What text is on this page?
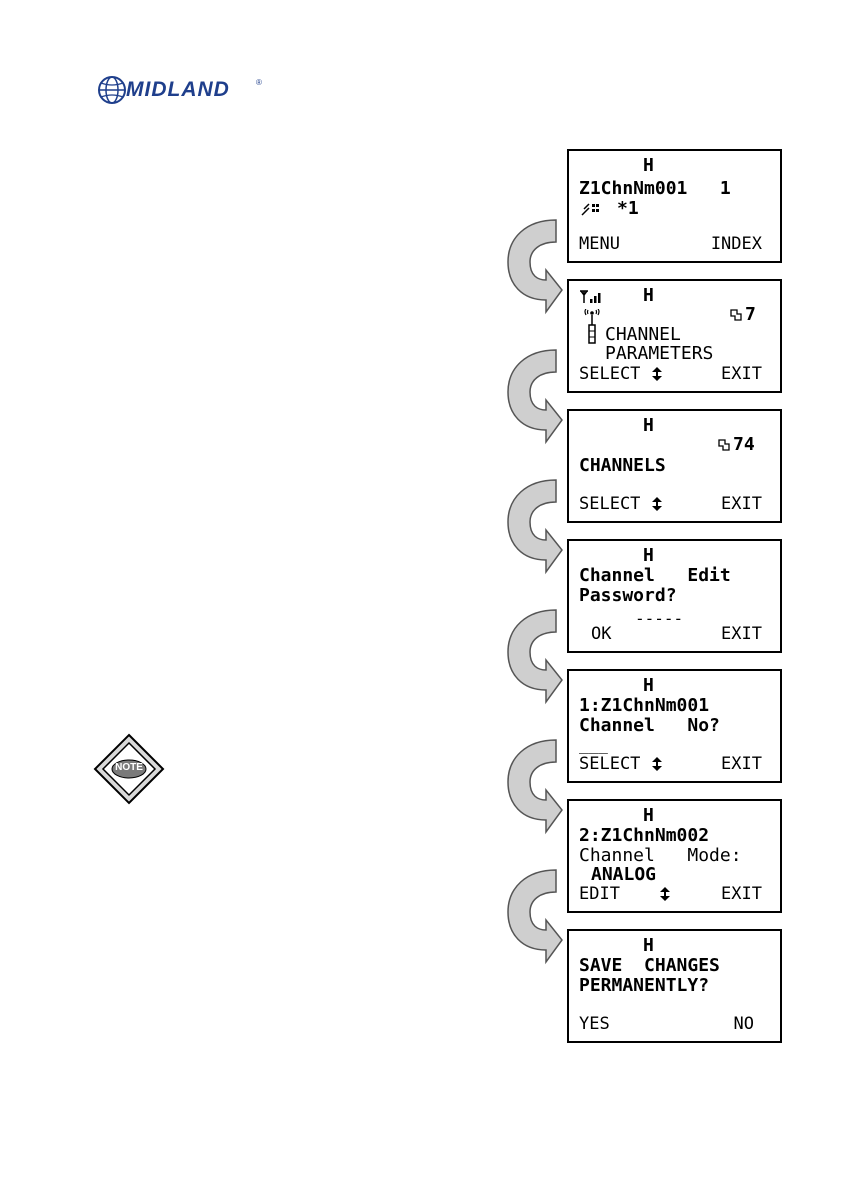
MIDLAND	®
NOTE
H
Z1ChnNm001   1
*1
MENU	INDEX
H
7
CHANNEL
PARAMETERS
SELECT	EXIT
H
74
CHANNELS
SELECT	EXIT
H
Channel   Edit
Password?
-----
OK	EXIT
H
1:Z1ChnNm001
Channel   No?
___
SELECT	EXIT
H
2:Z1ChnNm002
Channel   Mode:
ANALOG
EDIT	EXIT
H
SAVE  CHANGES
PERMANENTLY?
YES	NO
